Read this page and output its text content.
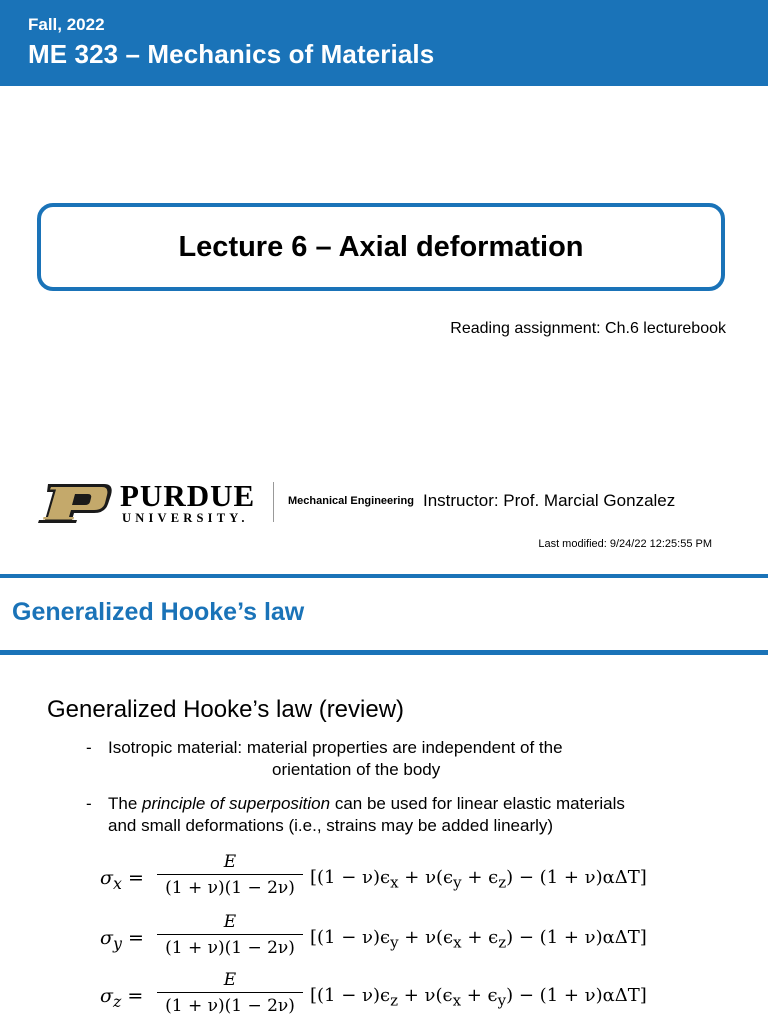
Fall, 2022
ME 323 – Mechanics of Materials
Lecture 6 – Axial deformation
Reading assignment: Ch.6 lecturebook
PURDUE
UNIVERSITY.
Mechanical Engineering Instructor: Prof. Marcial Gonzalez
Last modified: 9/24/22 12:25:55 PM
Generalized Hooke’s law
Generalized Hooke’s law (review)
- Isotropic material: material properties are independent of the
orientation of the body
- The principle of superposition can be used for linear elastic materials
and small deformations (i.e., strains may be added linearly)
$\sigma_x$ =
E
(1 + ν)(1 − 2ν) $[(1 - \nu)\epsilon_x + \nu(\epsilon_y + \epsilon_z) - (1 + \nu)\alpha\Delta T]$
$\sigma_y$ =
E
(1 + ν)(1 − 2ν) $[(1 - \nu)\epsilon_y + \nu(\epsilon_x + \epsilon_z) - (1 + \nu)\alpha\Delta T]$
$\sigma_z$ =
E
(1 + ν)(1 − 2ν) $[(1 - \nu)\epsilon_z + \nu(\epsilon_x + \epsilon_y) - (1 + \nu)\alpha\Delta T]$
